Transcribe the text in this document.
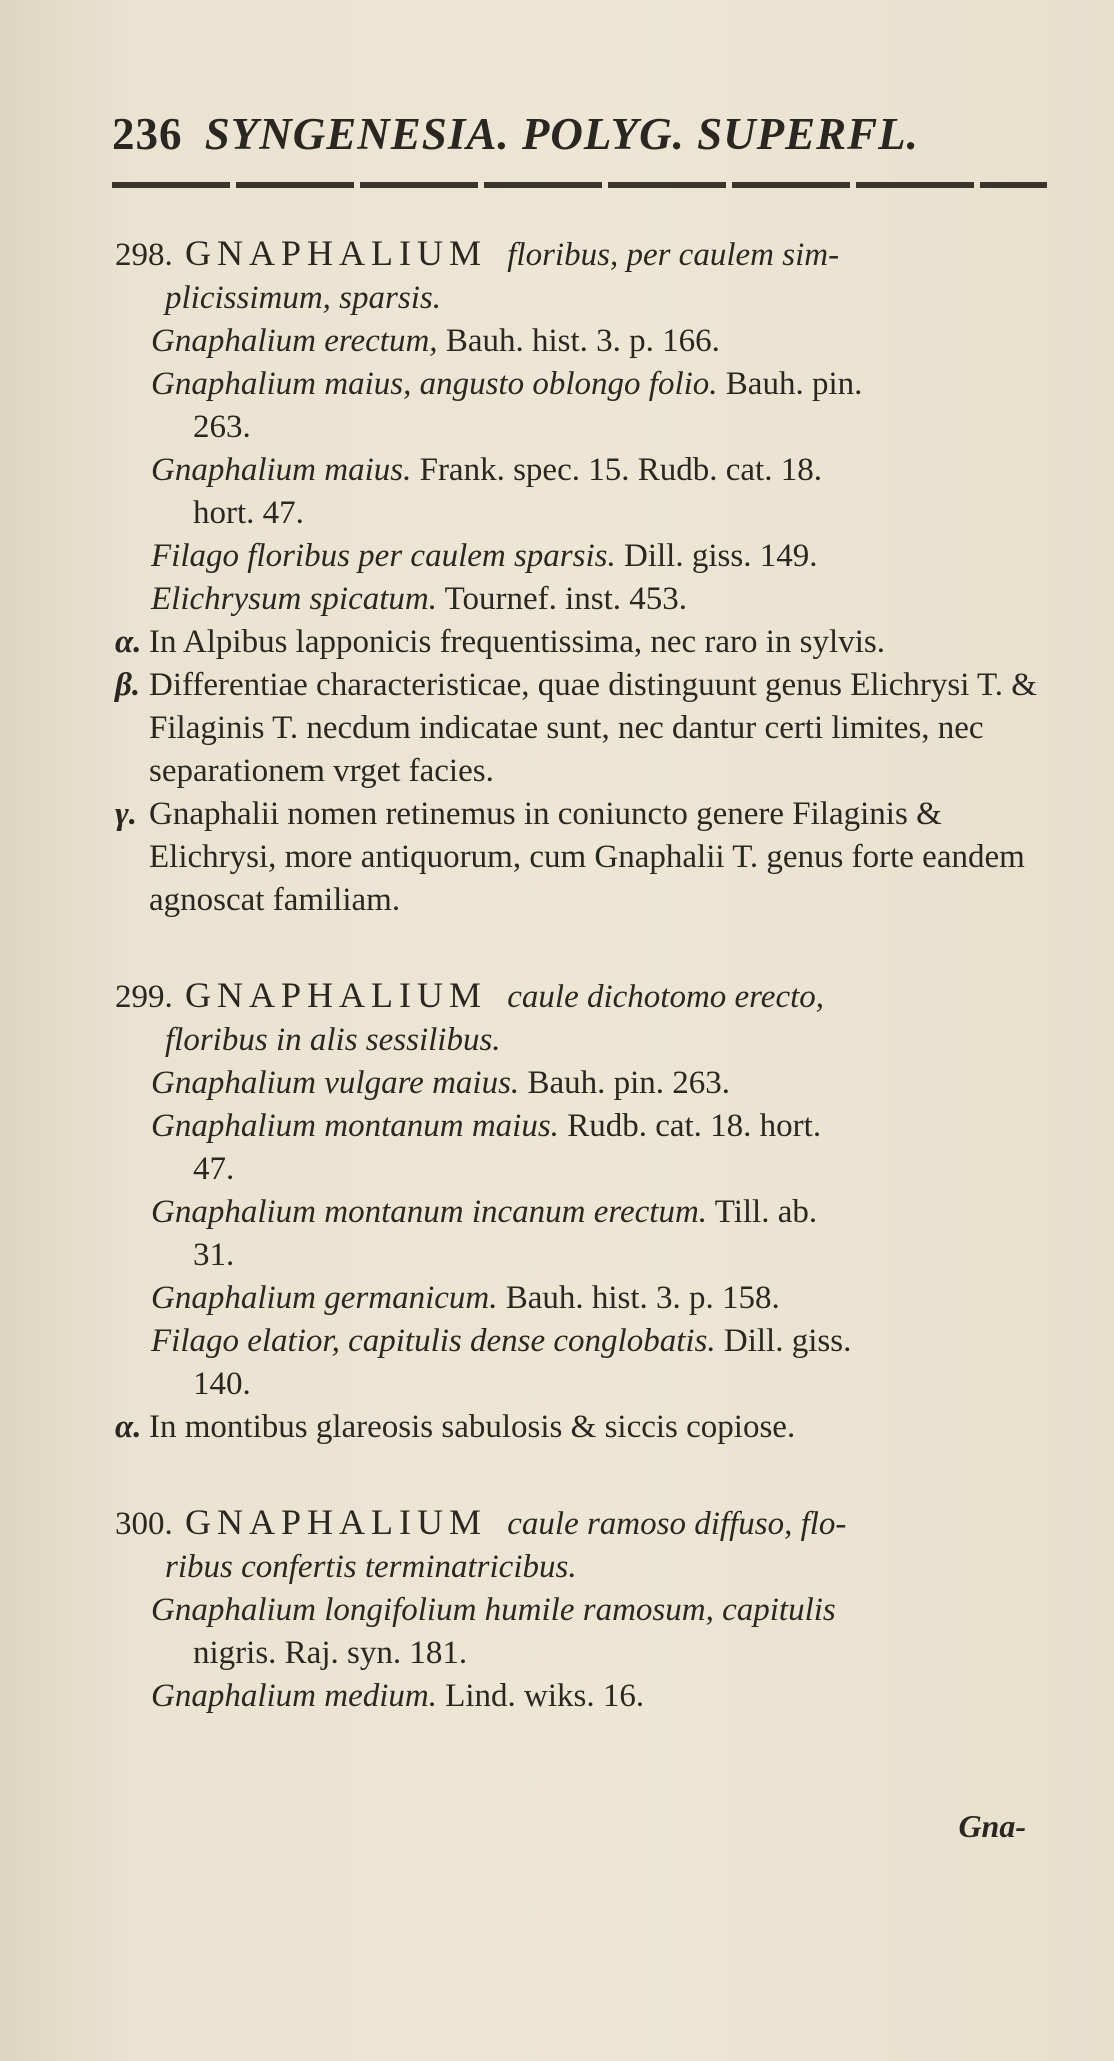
236 SYNGENESIA. POLYG. SUPERFL.

298. GNAPHALIUM floribus, per caulem sim-

plicissimum, sparsis.

Gnaphalium erectum, Bauh. hist. 3. p. 166.

Gnaphalium maius, angusto oblongo folio. Bauh. pin.

263.

Gnaphalium maius. Frank. spec. 15. Rudb. cat. 18.

hort. 47.

Filago floribus per caulem sparsis. Dill. giss. 149.

Elichrysum spicatum. Tournef. inst. 453.

α. In Alpibus lapponicis frequentissima, nec raro in sylvis.

β. Differentiae characteristicae, quae distinguunt genus Elichrysi T. & Filaginis T. necdum indicatae sunt, nec dantur certi limites, nec separationem vrget facies.

γ. Gnaphalii nomen retinemus in coniuncto genere Filaginis & Elichrysi, more antiquorum, cum Gnaphalii T. genus forte eandem agnoscat familiam.

299. GNAPHALIUM caule dichotomo erecto,

floribus in alis sessilibus.

Gnaphalium vulgare maius. Bauh. pin. 263.

Gnaphalium montanum maius. Rudb. cat. 18. hort.

47.

Gnaphalium montanum incanum erectum. Till. ab.

31.

Gnaphalium germanicum. Bauh. hist. 3. p. 158.

Filago elatior, capitulis dense conglobatis. Dill. giss.

140.

α. In montibus glareosis sabulosis & siccis copiose.

300. GNAPHALIUM caule ramoso diffuso, flo-

ribus confertis terminatricibus.

Gnaphalium longifolium humile ramosum, capitulis

nigris. Raj. syn. 181.

Gnaphalium medium. Lind. wiks. 16.

Gna-
